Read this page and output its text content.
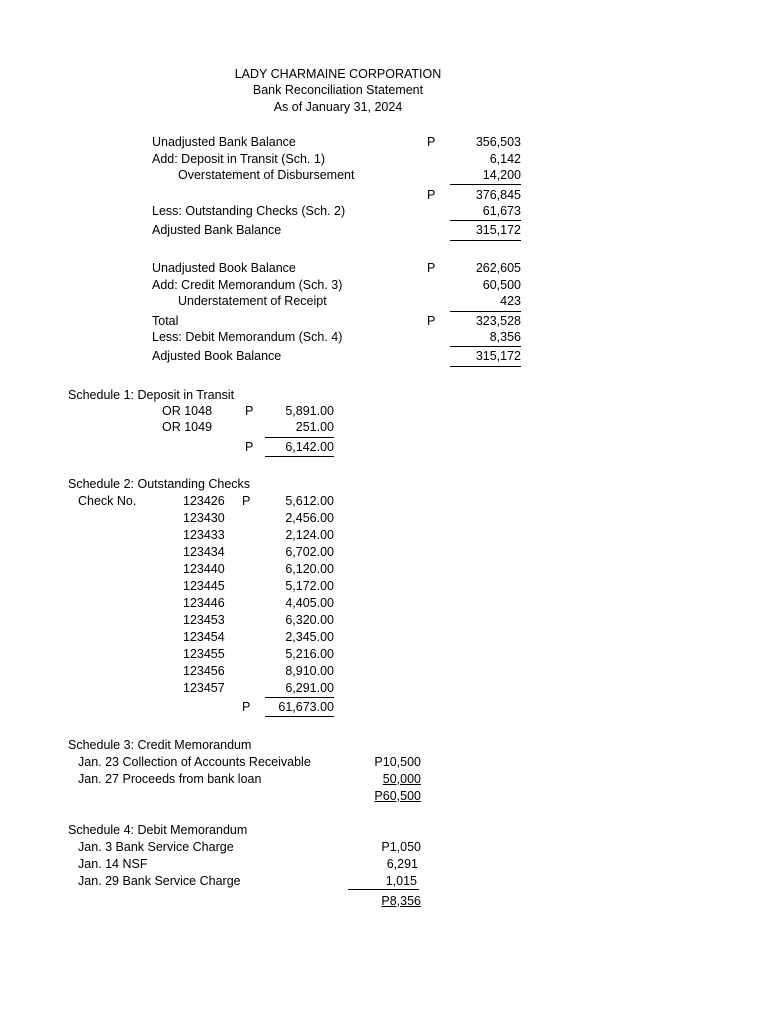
LADY CHARMAINE CORPORATION
Bank Reconciliation Statement
As of January 31, 2024
Unadjusted Bank Balance	P	356,503
Add: Deposit in Transit (Sch. 1)	6,142
Overstatement of Disbursement	14,200
P	376,845
Less: Outstanding Checks (Sch. 2)	61,673
Adjusted Bank Balance	315,172
Unadjusted Book Balance	P	262,605
Add: Credit Memorandum (Sch. 3)	60,500
Understatement of Receipt	423
Total	P	323,528
Less: Debit Memorandum (Sch. 4)	8,356
Adjusted Book Balance	315,172
Schedule 1: Deposit in Transit
OR 1048	P	5,891.00
OR 1049	251.00
P	6,142.00
Schedule 2: Outstanding Checks
Check No.	123426 P	5,612.00
123430	2,456.00
123433	2,124.00
123434	6,702.00
123440	6,120.00
123445	5,172.00
123446	4,405.00
123453	6,320.00
123454	2,345.00
123455	5,216.00
123456	8,910.00
123457	6,291.00
P	61,673.00
Schedule 3: Credit Memorandum
Jan. 23 Collection of Accounts Receivable	P10,500
Jan. 27 Proceeds from bank loan	50,000
P60,500
Schedule 4: Debit Memorandum
Jan. 3 Bank Service Charge	P1,050
Jan. 14 NSF	6,291
Jan. 29 Bank Service Charge	1,015
P8,356
